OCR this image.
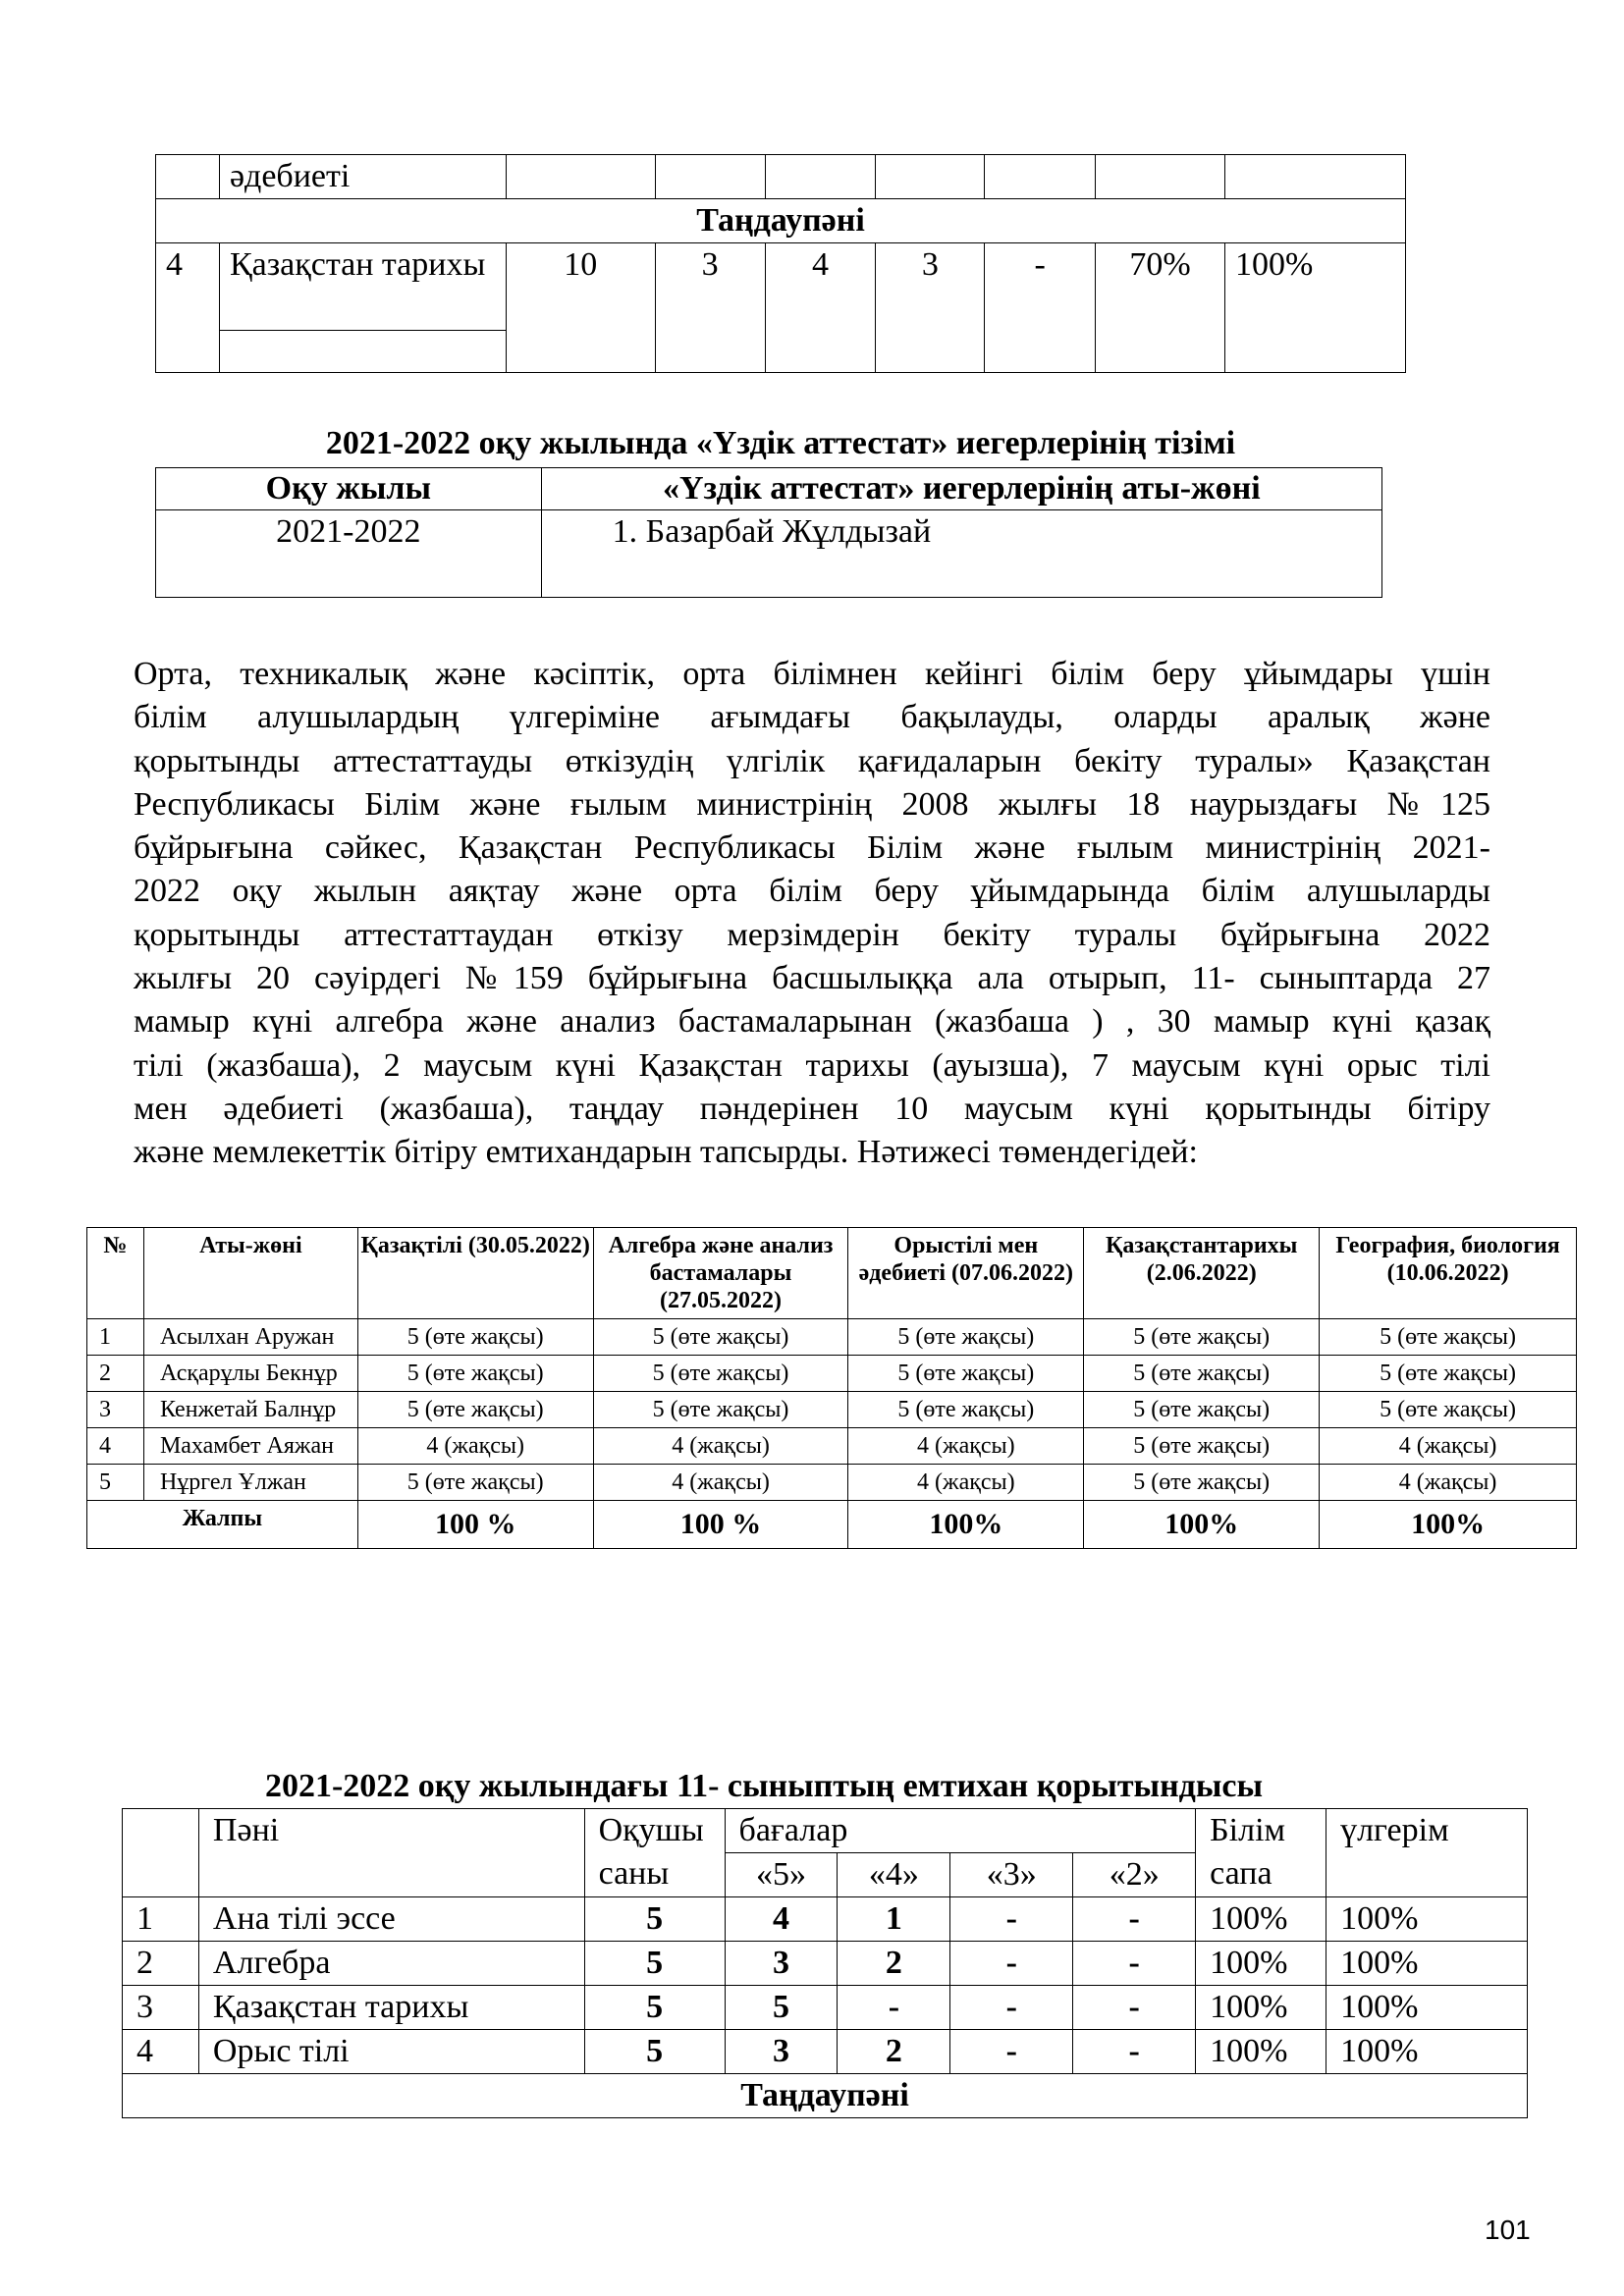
	әдебиеті							
Таңдаупәні								
4	Қазақстан тарихы	10	3	4	3	-	70%	100%

2021-2022 оқу жылында «Үздік аттестат» иегерлерінің тізімі
Оқу жылы	«Үздік аттестат» иегерлерінің аты-жөні
2021-2022	1. Базарбай Жұлдызай
Орта, техникалық және кәсіптік, орта білімнен кейінгі білім беру ұйымдары үшін
білім алушылардың үлгеріміне ағымдағы бақылауды, оларды аралық және
қорытынды аттестаттауды өткізудің үлгілік қағидаларын бекіту туралы» Қазақстан
Республикасы Білім және ғылым министрінің 2008 жылғы 18 наурыздағы №125
бұйрығына сәйкес, Қазақстан Республикасы Білім және ғылым министрінің 2021-
2022 оқу жылын аяқтау және орта білім беру ұйымдарында білім алушыларды
қорытынды аттестаттаудан өткізу мерзімдерін бекіту туралы бұйрығына 2022
жылғы 20 сәуірдегі №159 бұйрығына басшылыққа ала отырып, 11- сыныптарда 27
мамыр күні алгебра және анализ бастамаларынан (жазбаша ) , 30 мамыр күні қазақ
тілі (жазбаша), 2 маусым күні Қазақстан тарихы (ауызша), 7 маусым күні орыс тілі
мен әдебиеті (жазбаша), таңдау пәндерінен 10 маусым күні қорытынды бітіру
және мемлекеттік бітіру емтихандарын тапсырды. Нәтижесі төмендегідей:
№	Аты-жөні	Қазақтілі (30.05.2022)	Алгебра және анализ бастамалары (27.05.2022)	Орыстілі мен әдебиеті (07.06.2022)	Қазақстантарихы (2.06.2022)	География, биология (10.06.2022)
1	Асылхан Аружан	5 (өте жақсы)	5 (өте жақсы)	5 (өте жақсы)	5 (өте жақсы)	5 (өте жақсы)
2	Асқарұлы Бекнұр	5 (өте жақсы)	5 (өте жақсы)	5 (өте жақсы)	5 (өте жақсы)	5 (өте жақсы)
3	Кенжетай Балнұр	5 (өте жақсы)	5 (өте жақсы)	5 (өте жақсы)	5 (өте жақсы)	5 (өте жақсы)
4	Махамбет Аяжан	4 (жақсы)	4 (жақсы)	4 (жақсы)	5 (өте жақсы)	4 (жақсы)
5	Нұргел Ұлжан	5 (өте жақсы)	4 (жақсы)	4 (жақсы)	5 (өте жақсы)	4 (жақсы)
Жалпы		100 %	100 %	100%	100%	100%
2021-2022 оқу жылындағы 11- сыныптың емтихан қорытындысы
	Пәні	Оқушы саны	бағалар				Білім сапа	үлгерім
			«5»	«4»	«3»	«2»		
1	Ана тілі эссе	5	4	1	-	-	100%	100%
2	Алгебра	5	3	2	-	-	100%	100%
3	Қазақстан тарихы	5	5	-	-	-	100%	100%
4	Орыс тілі	5	3	2	-	-	100%	100%
Таңдаупәні								
101
